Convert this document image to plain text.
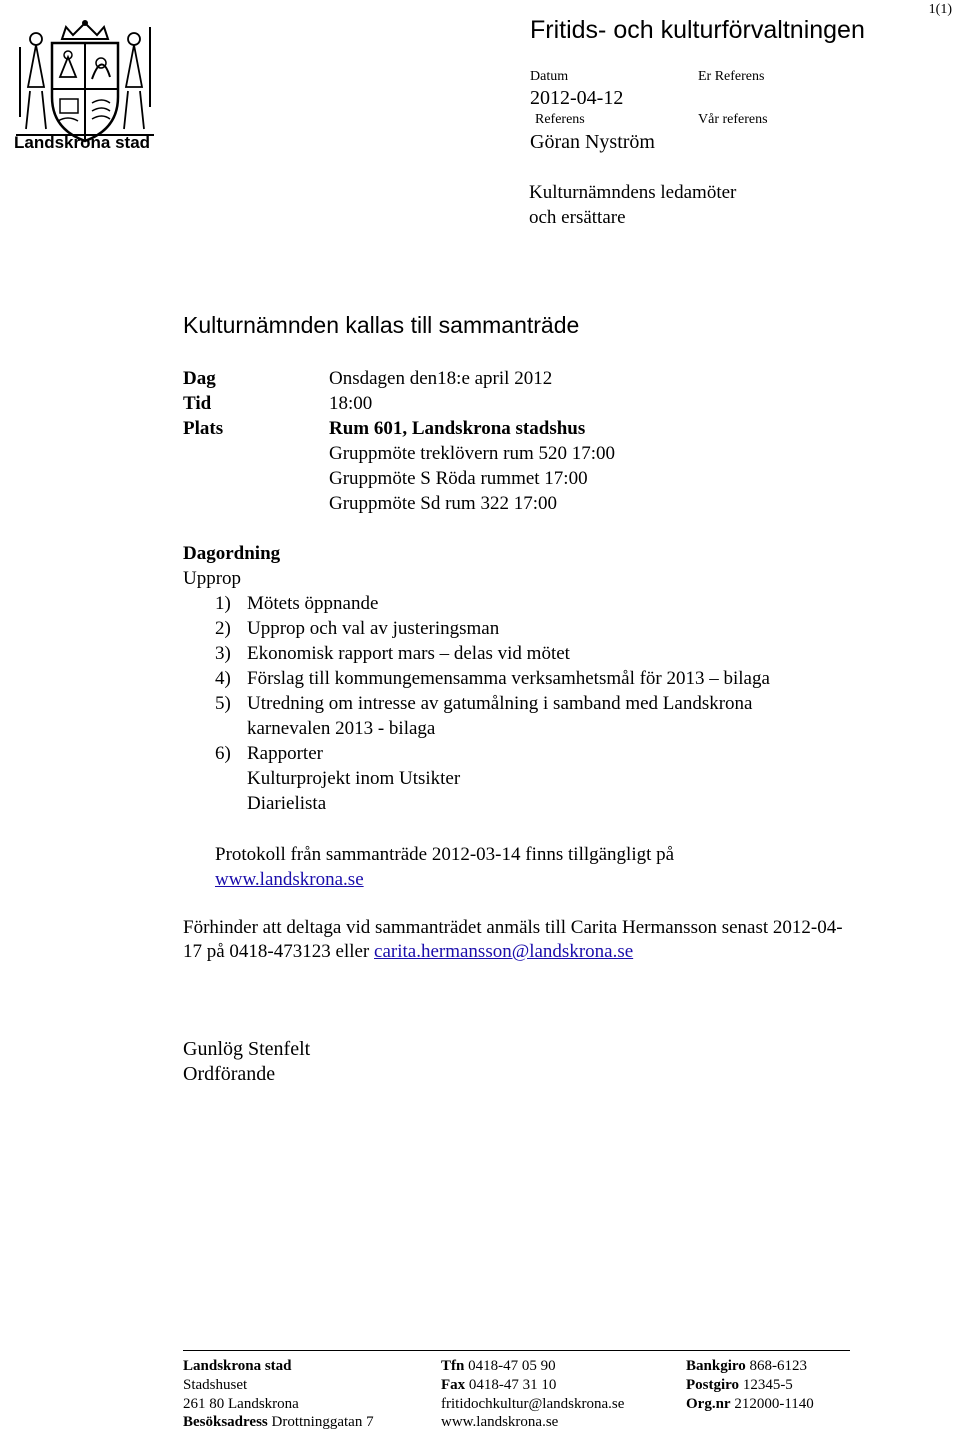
1(1)
Landskrona stad
Fritids- och kulturförvaltningen
Datum
2012-04-12
Er Referens
Referens
Göran Nyström
Vår referens
Kulturnämndens ledamöter
och ersättare
Kulturnämnden kallas till sammanträde
Dag	Onsdagen den18:e april 2012
Tid	18:00
Plats	Rum 601, Landskrona stadshus
Gruppmöte treklövern rum 520 17:00
Gruppmöte S Röda rummet 17:00
Gruppmöte Sd rum 322 17:00
Dagordning
Upprop
1) Mötets öppnande
2) Upprop och val av justeringsman
3) Ekonomisk rapport mars – delas vid mötet
4) Förslag till kommungemensamma verksamhetsmål för 2013 – bilaga
5) Utredning om intresse av gatumålning i samband med Landskrona
karnevalen 2013 - bilaga
6) Rapporter
Kulturprojekt inom Utsikter
Diarielista
Protokoll från sammanträde 2012-03-14 finns tillgängligt på
www.landskrona.se
Förhinder att deltaga vid sammanträdet anmäls till Carita Hermansson senast 2012-04-
17 på 0418-473123 eller carita.hermansson@landskrona.se
Gunlög Stenfelt
Ordförande
Landskrona stad
Stadshuset
261 80 Landskrona
Besöksadress Drottninggatan 7
Tfn 0418-47 05 90
Fax 0418-47 31 10
fritidochkultur@landskrona.se
www.landskrona.se
Bankgiro 868-6123
Postgiro 12345-5
Org.nr 212000-1140
